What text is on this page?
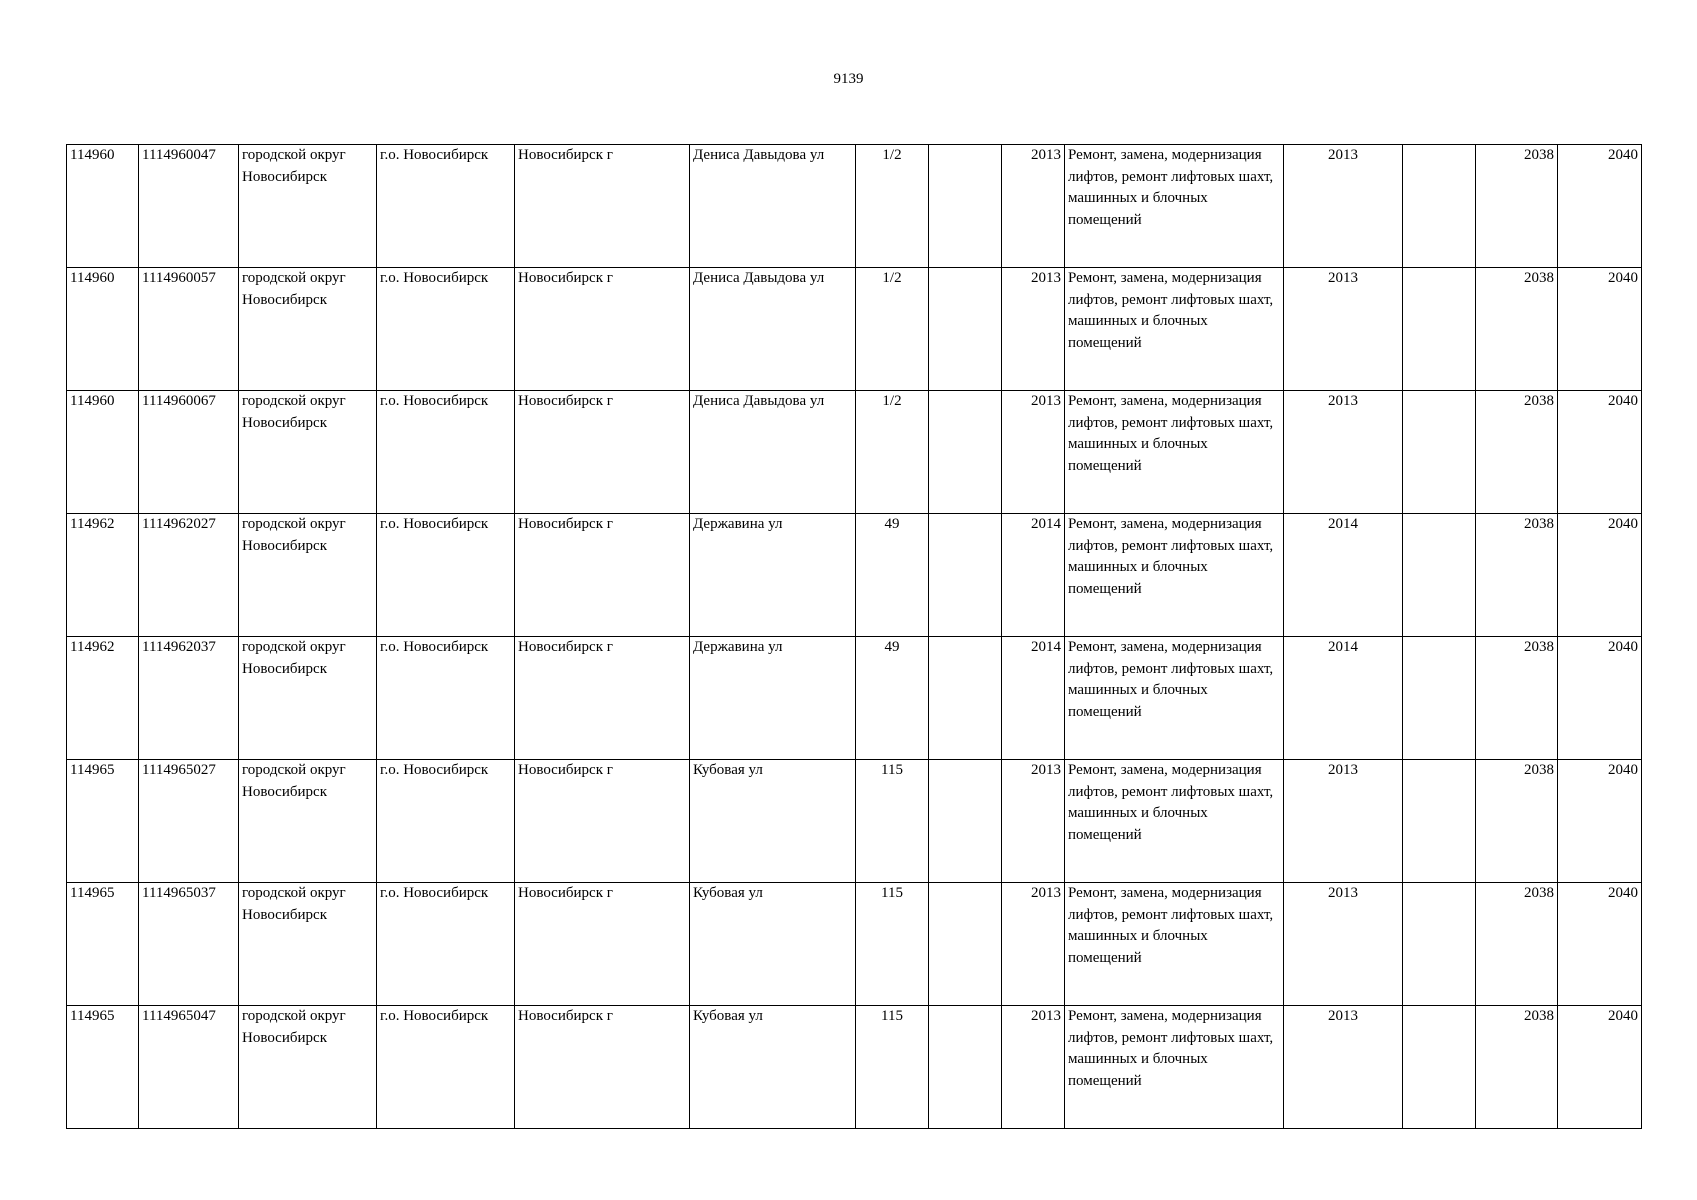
9139
114960	1114960047	городской округ Новосибирск	г.о. Новосибирск	Новосибирск г	Дениса Давыдова ул	1/2		2013	Ремонт, замена, модернизация лифтов, ремонт лифтовых шахт, машинных и блочных помещений	2013		2038	2040
114960	1114960057	городской округ Новосибирск	г.о. Новосибирск	Новосибирск г	Дениса Давыдова ул	1/2		2013	Ремонт, замена, модернизация лифтов, ремонт лифтовых шахт, машинных и блочных помещений	2013		2038	2040
114960	1114960067	городской округ Новосибирск	г.о. Новосибирск	Новосибирск г	Дениса Давыдова ул	1/2		2013	Ремонт, замена, модернизация лифтов, ремонт лифтовых шахт, машинных и блочных помещений	2013		2038	2040
114962	1114962027	городской округ Новосибирск	г.о. Новосибирск	Новосибирск г	Державина ул	49		2014	Ремонт, замена, модернизация лифтов, ремонт лифтовых шахт, машинных и блочных помещений	2014		2038	2040
114962	1114962037	городской округ Новосибирск	г.о. Новосибирск	Новосибирск г	Державина ул	49		2014	Ремонт, замена, модернизация лифтов, ремонт лифтовых шахт, машинных и блочных помещений	2014		2038	2040
114965	1114965027	городской округ Новосибирск	г.о. Новосибирск	Новосибирск г	Кубовая ул	115		2013	Ремонт, замена, модернизация лифтов, ремонт лифтовых шахт, машинных и блочных помещений	2013		2038	2040
114965	1114965037	городской округ Новосибирск	г.о. Новосибирск	Новосибирск г	Кубовая ул	115		2013	Ремонт, замена, модернизация лифтов, ремонт лифтовых шахт, машинных и блочных помещений	2013		2038	2040
114965	1114965047	городской округ Новосибирск	г.о. Новосибирск	Новосибирск г	Кубовая ул	115		2013	Ремонт, замена, модернизация лифтов, ремонт лифтовых шахт, машинных и блочных помещений	2013		2038	2040
